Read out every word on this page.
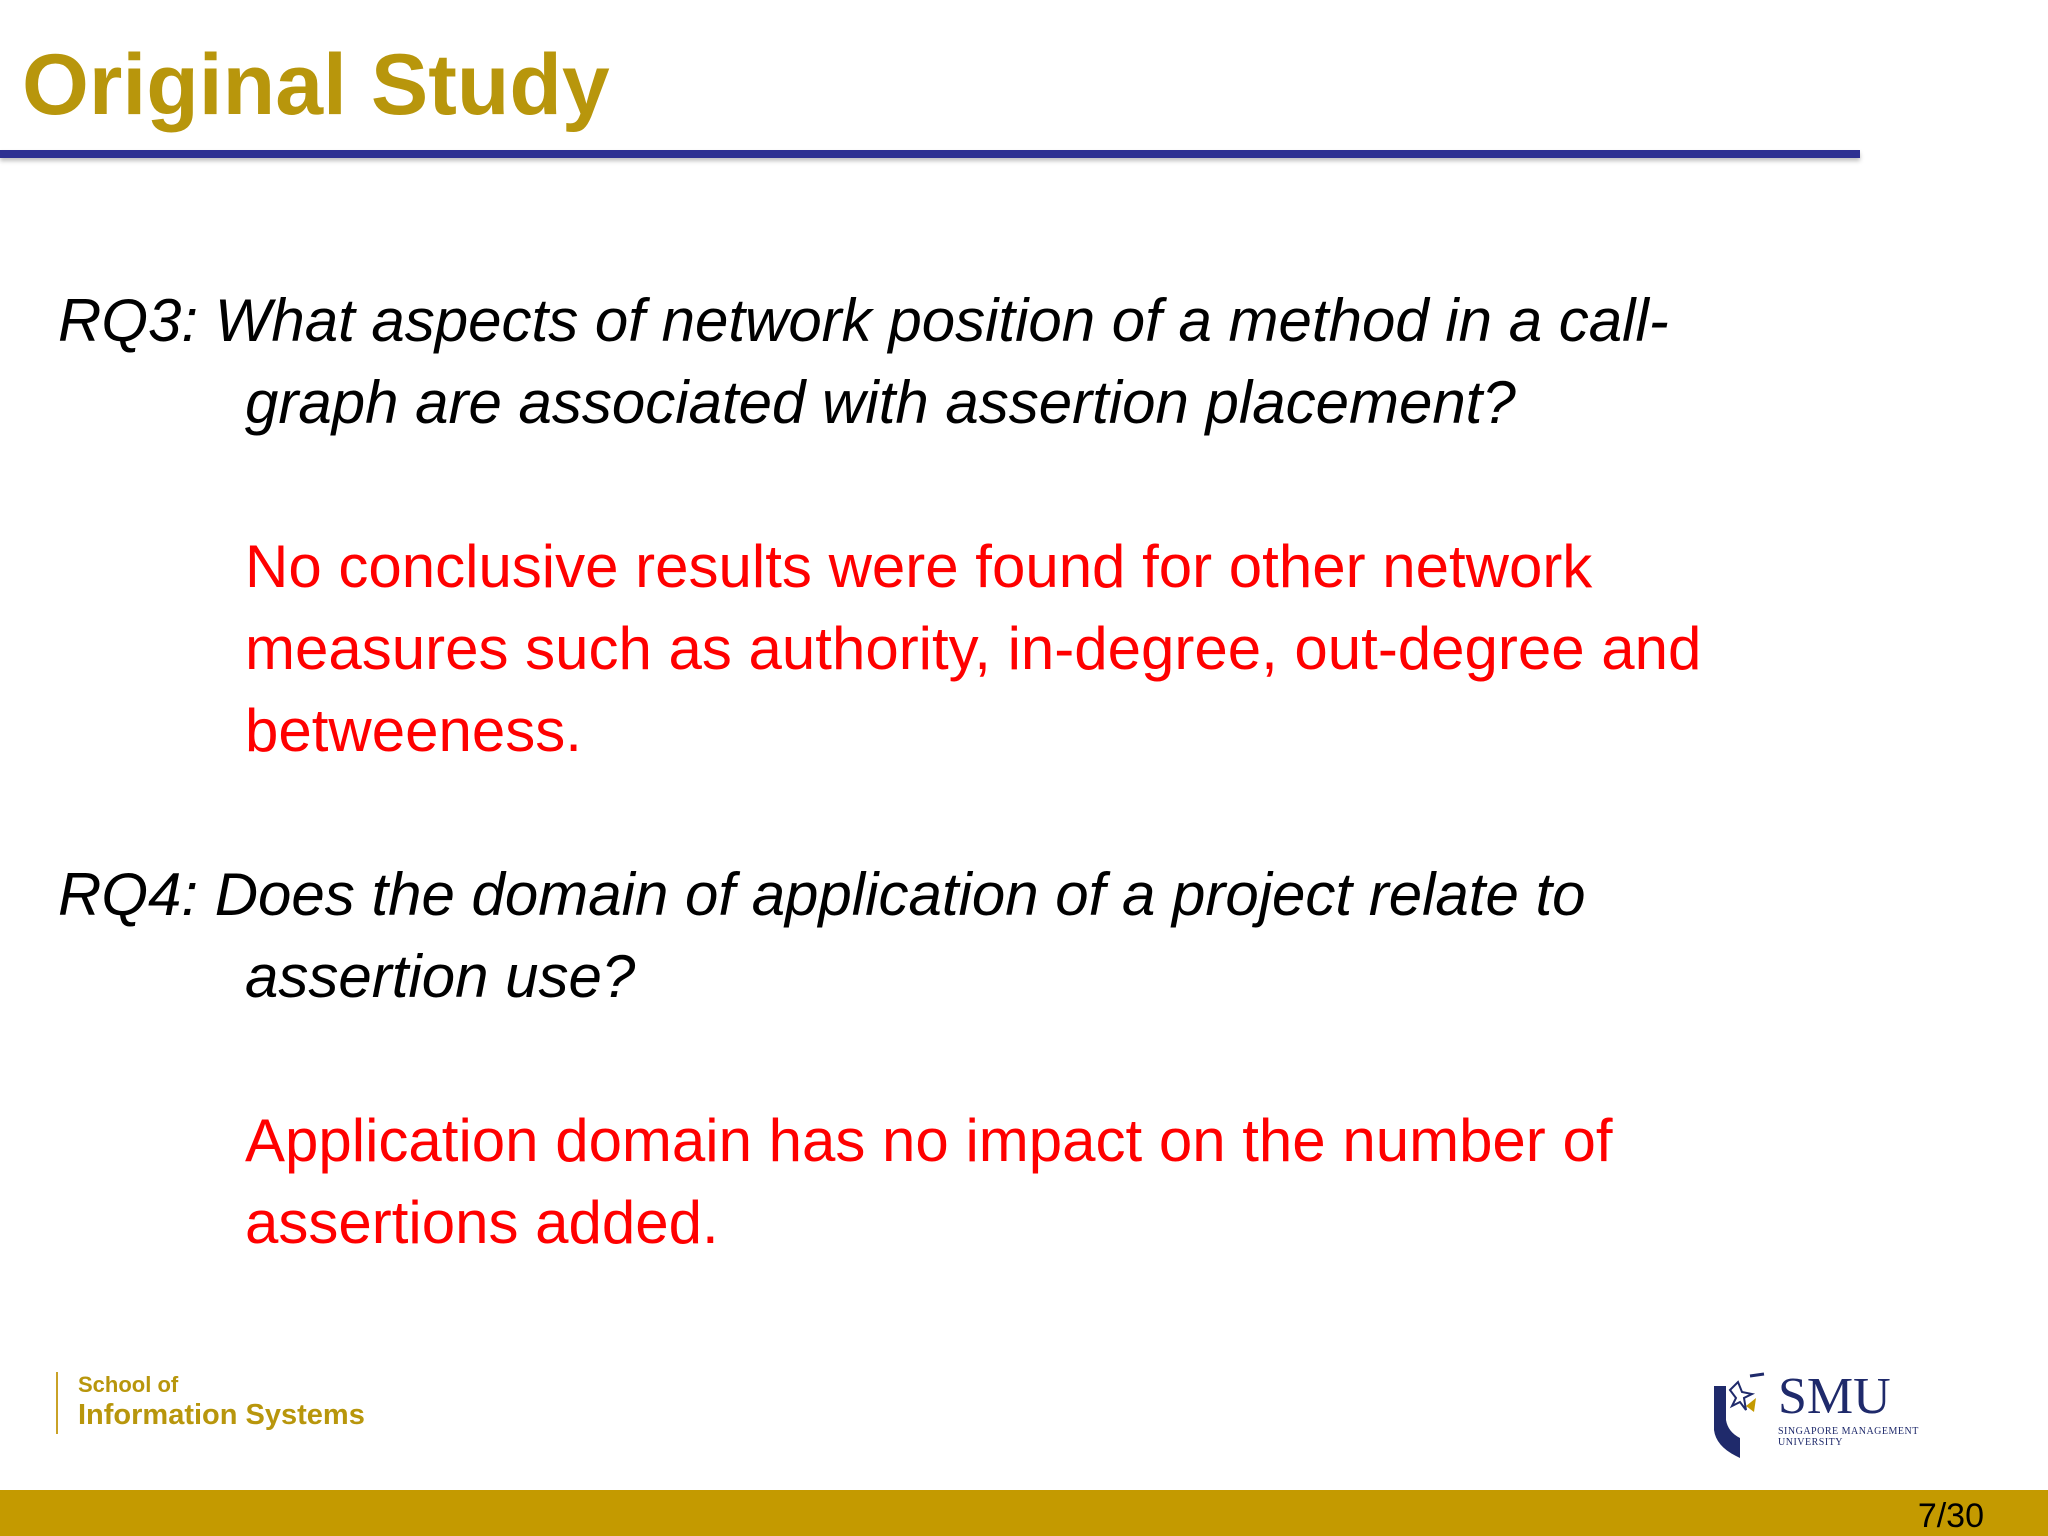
Original Study
RQ3: What aspects of network position of a method in a call-
graph are associated with assertion placement?
No conclusive results were found for other network
measures such as authority, in-degree, out-degree and
betweeness.
RQ4: Does the domain of application of a project relate to
assertion use?
Application domain has no impact on the number of
assertions added.
School of
Information Systems	SMU
SINGAPORE MANAGEMENT
UNIVERSITY
7/30
